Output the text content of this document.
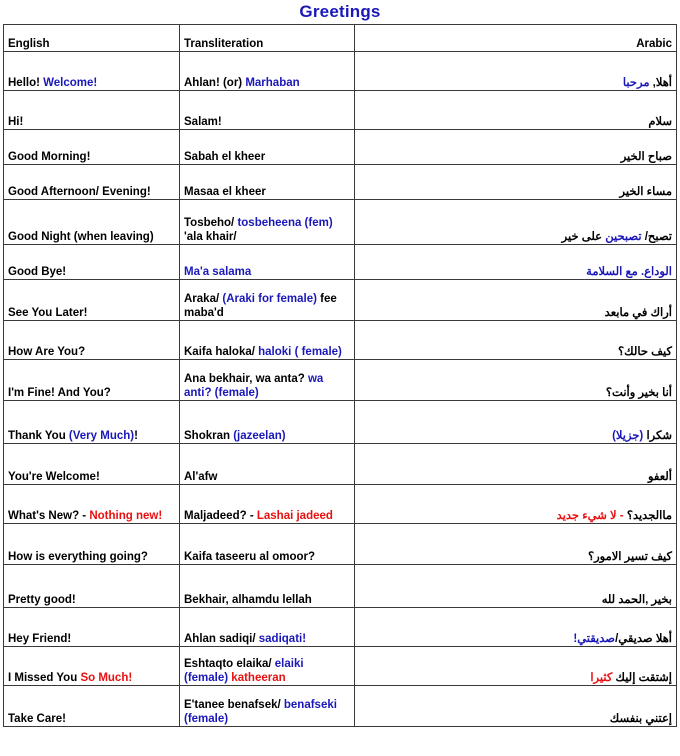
Greetings
English	Transliteration	Arabic
Hello! Welcome!	Ahlan! (or) Marhaban	أهلا, مرحبا
Hi!	Salam!	سلام
Good Morning!	Sabah el kheer	صباح الخير
Good Afternoon/ Evening!	Masaa el kheer	مساء الخير
Good Night (when leaving)	Tosbeho/ tosbeheena (fem) 'ala khair/	تصبح/ تصبحين على خير
Good Bye!	Ma'a salama	الوداع. مع السلامة
See You Later!	Araka/ (Araki for female) fee maba'd	أراك في مابعد
How Are You?	Kaifa haloka/ haloki ( female)	كيف حالك؟
I'm Fine! And You?	Ana bekhair, wa anta? wa anti? (female)	أنا بخير وأنت؟
Thank You (Very Much)!	Shokran (jazeelan)	شكرا (جزيلا)
You're Welcome!	Al'afw	ألعفو
What's New? - Nothing new!	Maljadeed? - Lashai jadeed	ماالجديد؟ - لا شيء جديد
How is everything going?	Kaifa taseeru al omoor?	كيف تسير الامور؟
Pretty good!	Bekhair, alhamdu lellah	بخير ,الحمد لله
Hey Friend!	Ahlan sadiqi/ sadiqati!	أهلا صديقي/صديقتي!
I Missed You So Much!	Eshtaqto elaika/ elaiki (female) katheeran	إشتقت إليك كثيرا
Take Care!	E'tanee benafsek/ benafseki (female)	إعتني بنفسك
